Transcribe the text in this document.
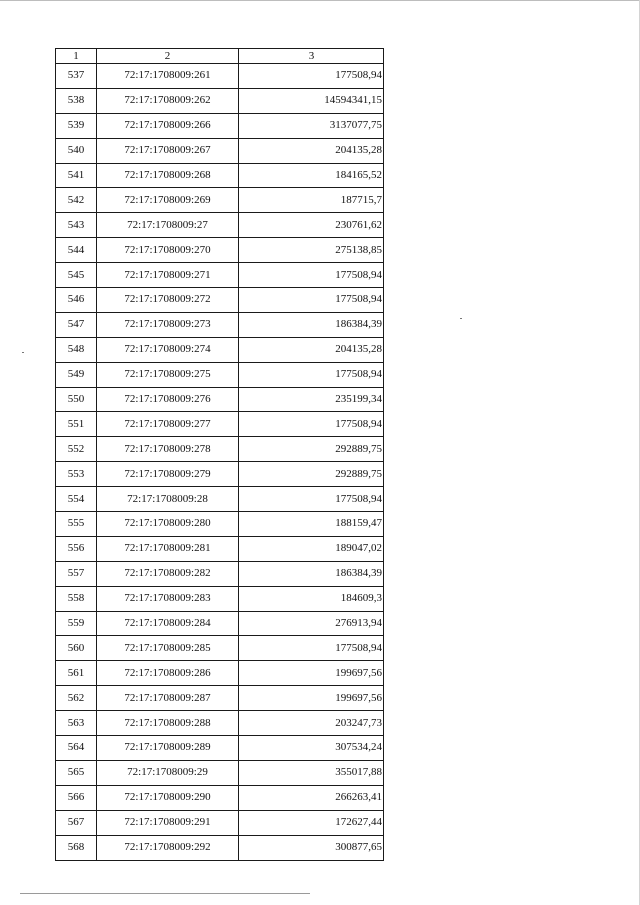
1	2	3
537	72:17:1708009:261	177508,94
538	72:17:1708009:262	14594341,15
539	72:17:1708009:266	3137077,75
540	72:17:1708009:267	204135,28
541	72:17:1708009:268	184165,52
542	72:17:1708009:269	187715,7
543	72:17:1708009:27	230761,62
544	72:17:1708009:270	275138,85
545	72:17:1708009:271	177508,94
546	72:17:1708009:272	177508,94
547	72:17:1708009:273	186384,39
548	72:17:1708009:274	204135,28
549	72:17:1708009:275	177508,94
550	72:17:1708009:276	235199,34
551	72:17:1708009:277	177508,94
552	72:17:1708009:278	292889,75
553	72:17:1708009:279	292889,75
554	72:17:1708009:28	177508,94
555	72:17:1708009:280	188159,47
556	72:17:1708009:281	189047,02
557	72:17:1708009:282	186384,39
558	72:17:1708009:283	184609,3
559	72:17:1708009:284	276913,94
560	72:17:1708009:285	177508,94
561	72:17:1708009:286	199697,56
562	72:17:1708009:287	199697,56
563	72:17:1708009:288	203247,73
564	72:17:1708009:289	307534,24
565	72:17:1708009:29	355017,88
566	72:17:1708009:290	266263,41
567	72:17:1708009:291	172627,44
568	72:17:1708009:292	300877,65
